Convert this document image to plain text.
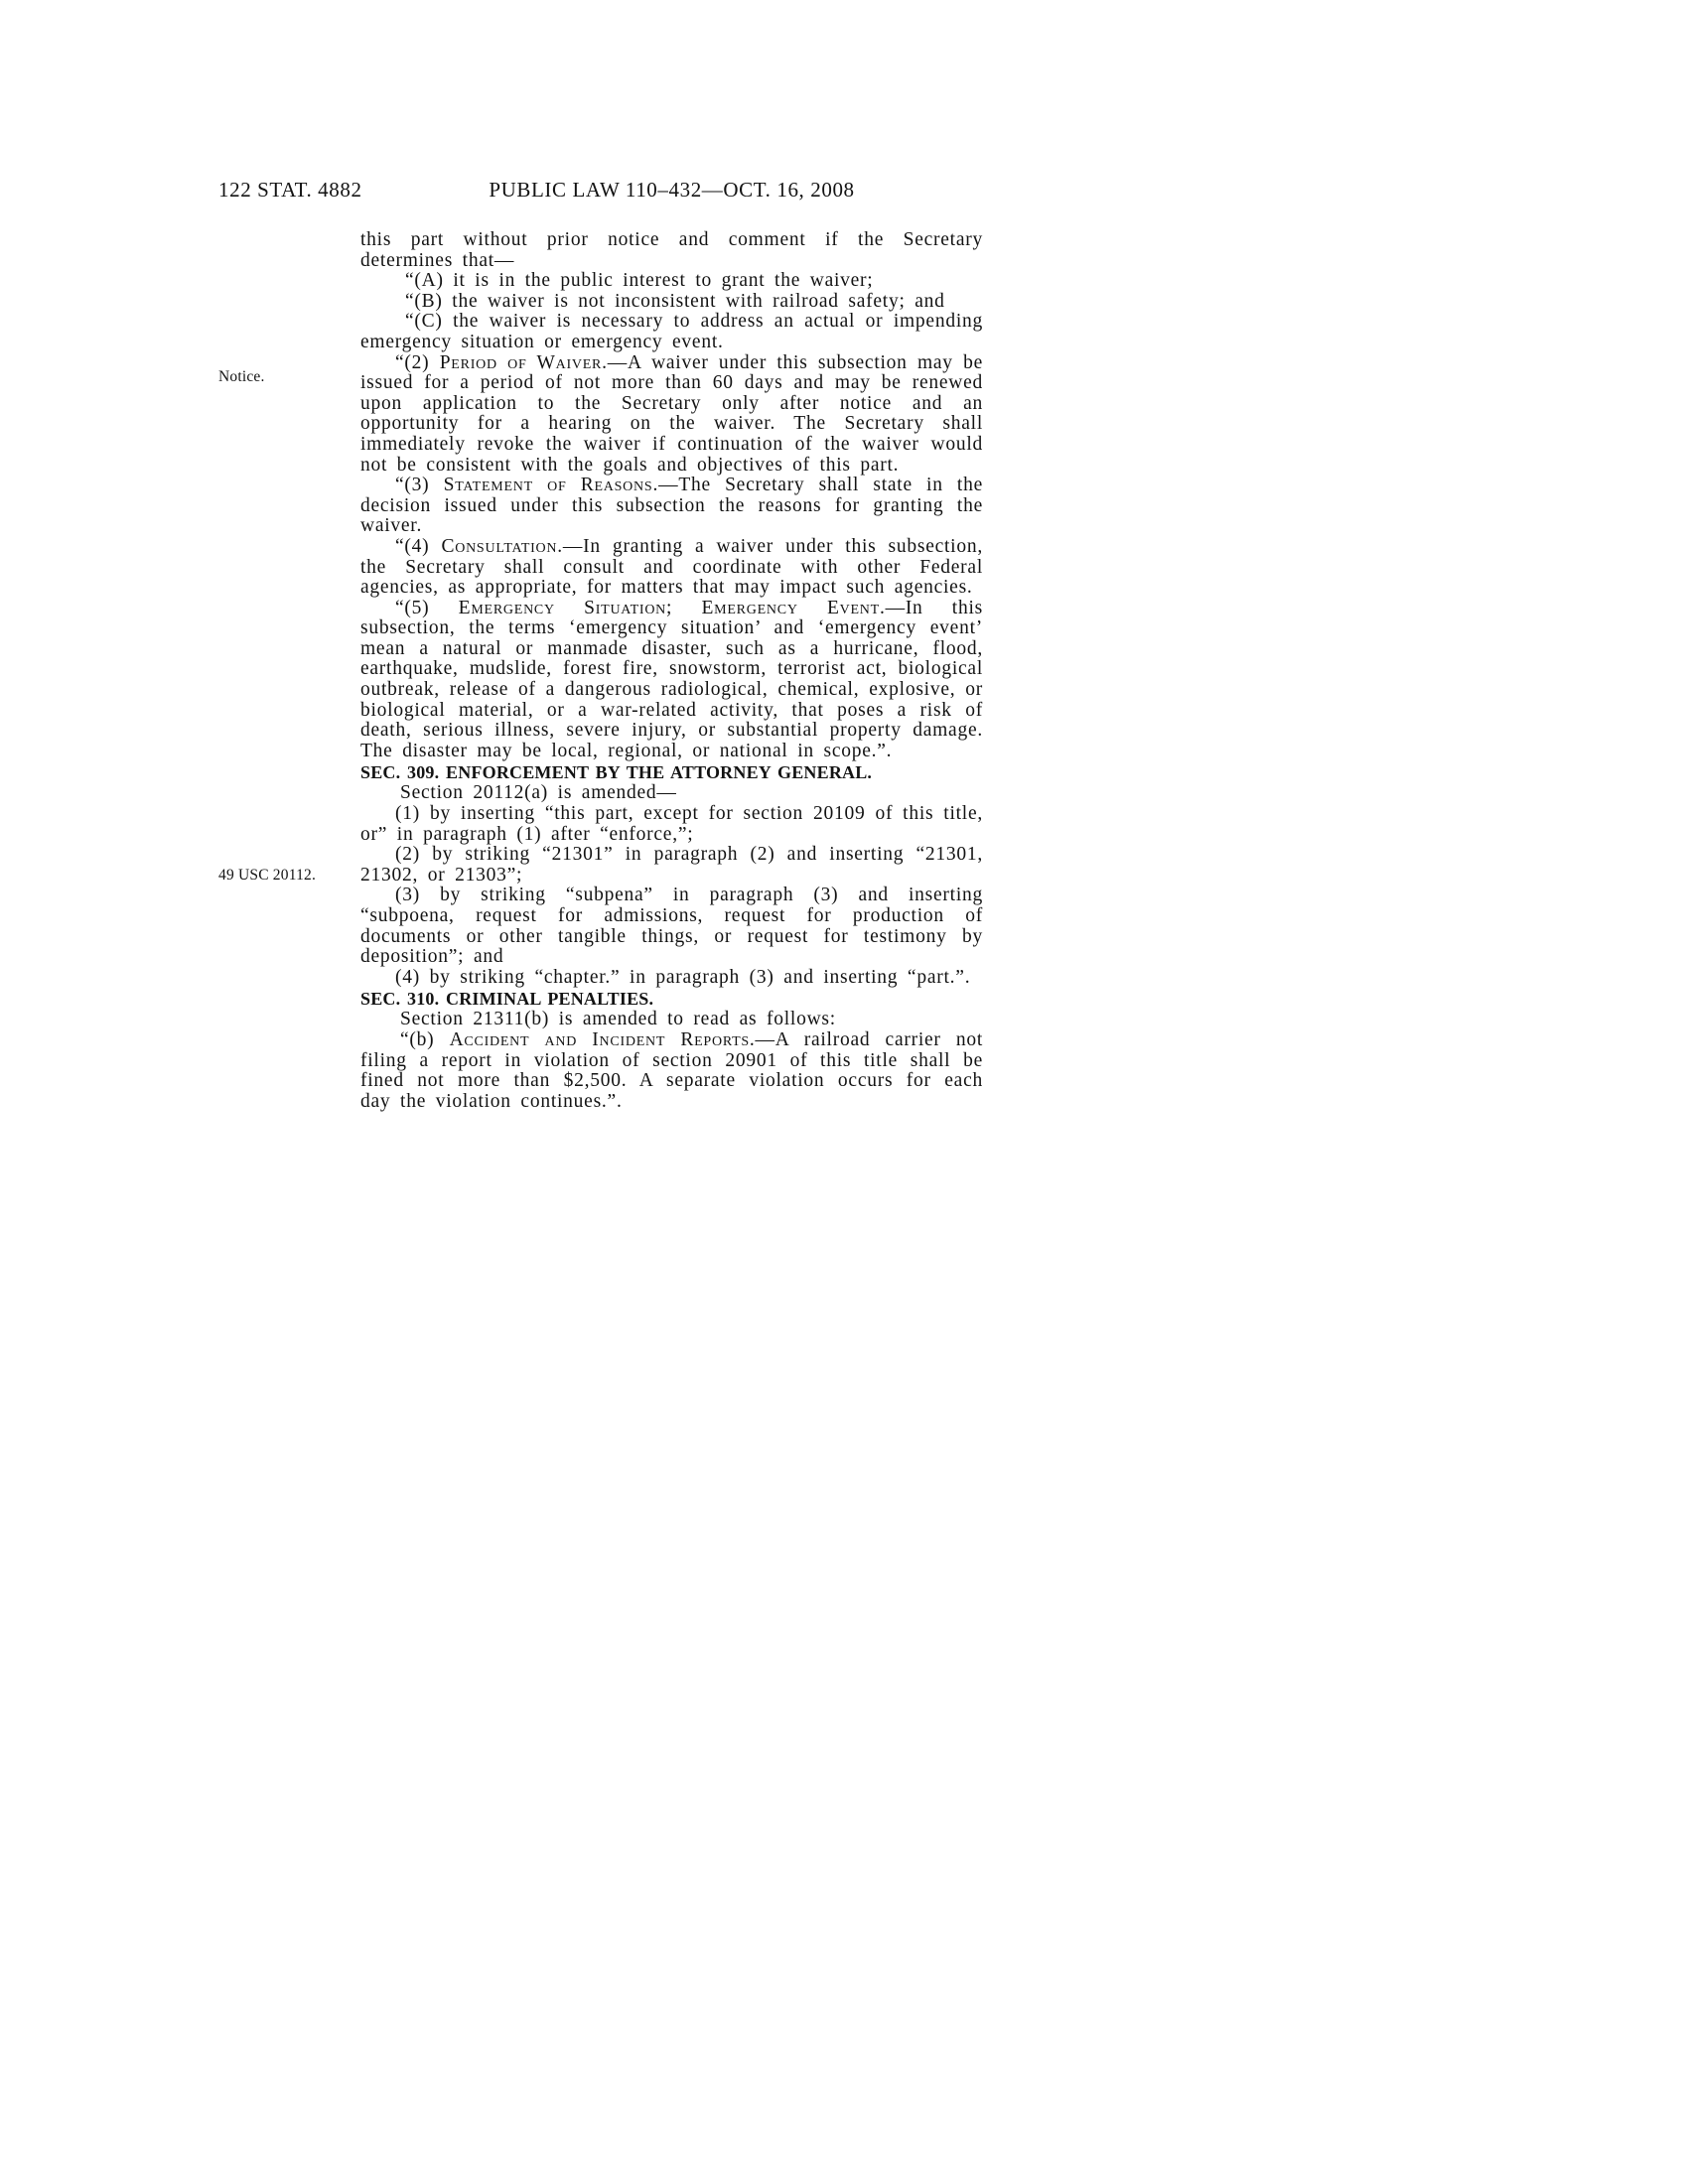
122 STAT. 4882	PUBLIC LAW 110–432—OCT. 16, 2008
Notice.
49 USC 20112.

this part without prior notice and comment if the Secretary determines that—

“(A) it is in the public interest to grant the waiver;

“(B) the waiver is not inconsistent with railroad safety; and

“(C) the waiver is necessary to address an actual or impending emergency situation or emergency event.

“(2) Period of Waiver.—A waiver under this subsection may be issued for a period of not more than 60 days and may be renewed upon application to the Secretary only after notice and an opportunity for a hearing on the waiver. The Secretary shall immediately revoke the waiver if continuation of the waiver would not be consistent with the goals and objectives of this part.

“(3) Statement of Reasons.—The Secretary shall state in the decision issued under this subsection the reasons for granting the waiver.

“(4) Consultation.—In granting a waiver under this subsection, the Secretary shall consult and coordinate with other Federal agencies, as appropriate, for matters that may impact such agencies.

“(5) Emergency Situation; Emergency Event.—In this subsection, the terms ‘emergency situation’ and ‘emergency event’ mean a natural or manmade disaster, such as a hurricane, flood, earthquake, mudslide, forest fire, snowstorm, terrorist act, biological outbreak, release of a dangerous radiological, chemical, explosive, or biological material, or a war-related activity, that poses a risk of death, serious illness, severe injury, or substantial property damage. The disaster may be local, regional, or national in scope.”.

SEC. 309. ENFORCEMENT BY THE ATTORNEY GENERAL.

Section 20112(a) is amended—

(1) by inserting “this part, except for section 20109 of this title, or” in paragraph (1) after “enforce,”;

(2) by striking “21301” in paragraph (2) and inserting “21301, 21302, or 21303”;

(3) by striking “subpena” in paragraph (3) and inserting “subpoena, request for admissions, request for production of documents or other tangible things, or request for testimony by deposition”; and

(4) by striking “chapter.” in paragraph (3) and inserting “part.”.

SEC. 310. CRIMINAL PENALTIES.

Section 21311(b) is amended to read as follows:

“(b) Accident and Incident Reports.—A railroad carrier not filing a report in violation of section 20901 of this title shall be fined not more than $2,500. A separate violation occurs for each day the violation continues.”.
